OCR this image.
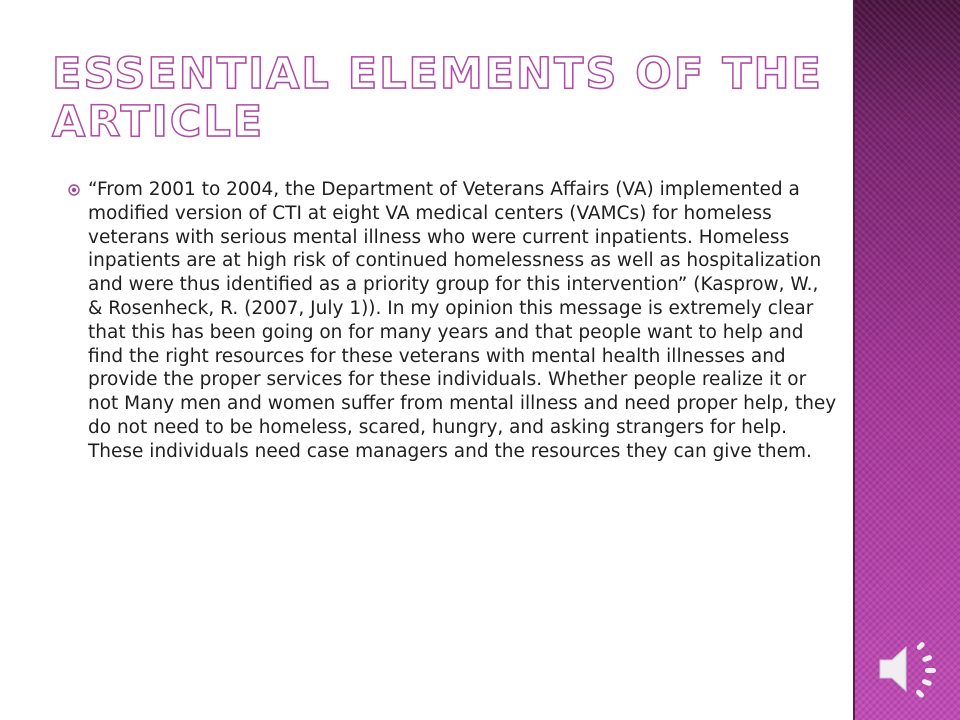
ESSENTIAL ELEMENTS OF THE ARTICLE

“From 2001 to 2004, the Department of Veterans Affairs (VA) implemented a modified version of CTI at eight VA medical centers (VAMCs) for homeless veterans with serious mental illness who were current inpatients. Homeless inpatients are at high risk of continued homelessness as well as hospitalization and were thus identified as a priority group for this intervention” (Kasprow, W., & Rosenheck, R. (2007, July 1)). In my opinion this message is extremely clear that this has been going on for many years and that people want to help and find the right resources for these veterans with mental health illnesses and provide the proper services for these individuals. Whether people realize it or not Many men and women suffer from mental illness and need proper help, they do not need to be homeless, scared, hungry, and asking strangers for help. These individuals need case managers and the resources they can give them.
